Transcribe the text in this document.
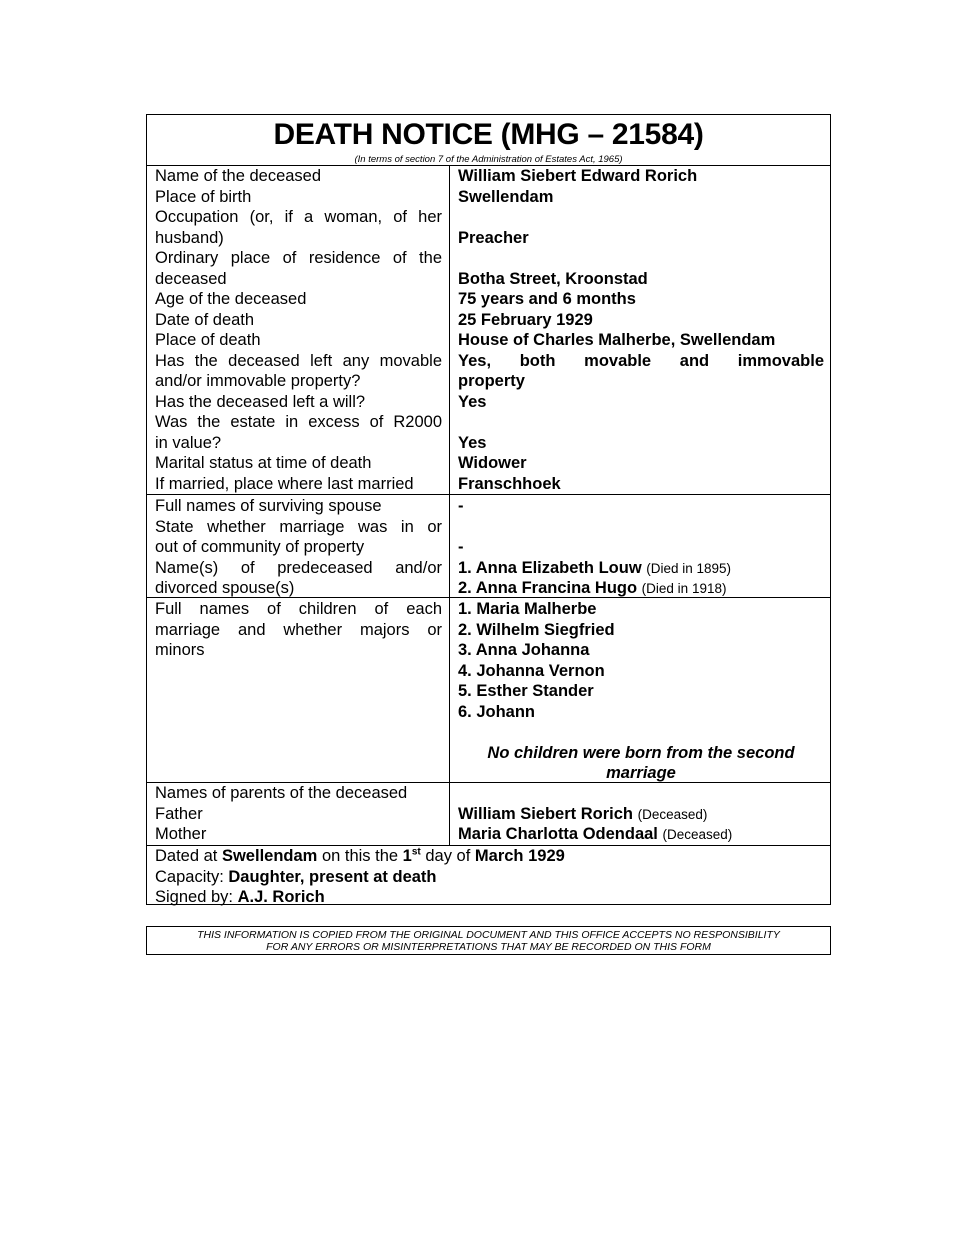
DEATH NOTICE (MHG – 21584)
(In terms of section 7 of the Administration of Estates Act, 1965)
Name of the deceased
Place of birth
Occupation (or, if a woman, of her
husband)
Ordinary place of residence of the
deceased
Age of the deceased
Date of death
Place of death
Has the deceased left any movable
and/or immovable property?
Has the deceased left a will?
Was the estate in excess of R2000
in value?
Marital status at time of death
If married, place where last married
William Siebert Edward Rorich
Swellendam
Preacher
Botha Street, Kroonstad
75 years and 6 months
25 February 1929
House of Charles Malherbe, Swellendam
Yes, both movable and immovable
property
Yes
Yes
Widower
Franschhoek
Full names of surviving spouse
State whether marriage was in or
out of community of property
Name(s) of predeceased and/or
divorced spouse(s)
-
-
1. Anna Elizabeth Louw (Died in 1895)
2. Anna Francina Hugo (Died in 1918)
Full names of children of each
marriage and whether majors or
minors
1. Maria Malherbe
2. Wilhelm Siegfried
3. Anna Johanna
4. Johanna Vernon
5. Esther Stander
6. Johann
No children were born from the second marriage
Names of parents of the deceased
Father
Mother
William Siebert Rorich (Deceased)
Maria Charlotta Odendaal (Deceased)
Dated at Swellendam on this the 1st day of March 1929
Capacity: Daughter, present at death
Signed by: A.J. Rorich
THIS INFORMATION IS COPIED FROM THE ORIGINAL DOCUMENT AND THIS OFFICE ACCEPTS NO RESPONSIBILITY
FOR ANY ERRORS OR MISINTERPRETATIONS THAT MAY BE RECORDED ON THIS FORM
